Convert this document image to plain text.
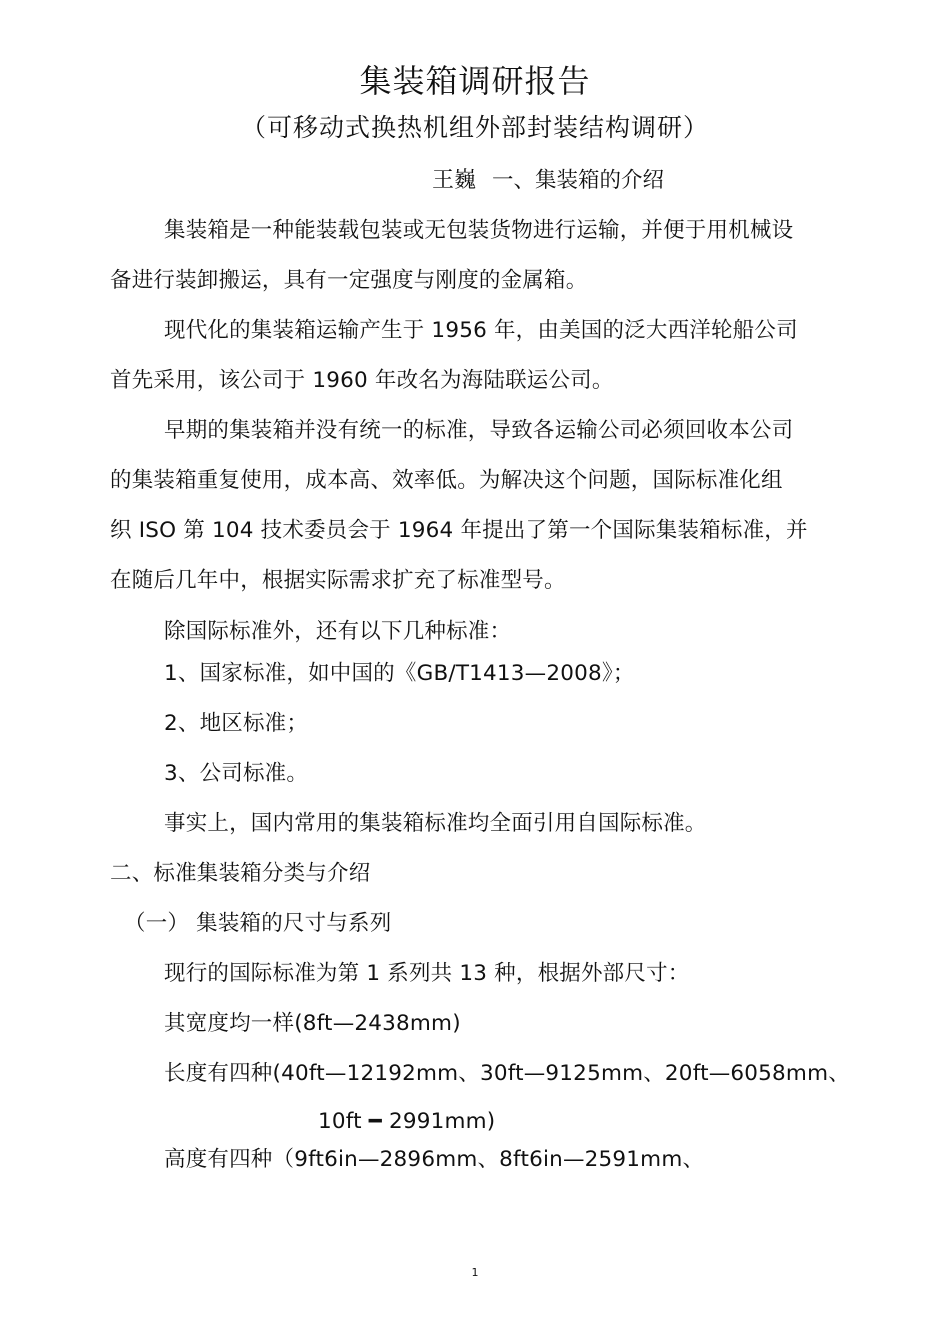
集装箱调研报告
（可移动式换热机组外部封装结构调研）
王巍 一、集装箱的介绍
集装箱是一种能装载包装或无包装货物进行运输，并便于用机械设
备进行装卸搬运，具有一定强度与刚度的金属箱。
现代化的集装箱运输产生于 1956 年，由美国的泛大西洋轮船公司
首先采用，该公司于 1960 年改名为海陆联运公司。
早期的集装箱并没有统一的标准，导致各运输公司必须回收本公司
的集装箱重复使用，成本高、效率低。为解决这个问题，国际标准化组
织 ISO 第 104 技术委员会于 1964 年提出了第一个国际集装箱标准，并
在随后几年中，根据实际需求扩充了标准型号。
除国际标准外，还有以下几种标准：
1、国家标准，如中国的《GB/T1413—2008》；
2、地区标准；
3、公司标准。
事实上，国内常用的集装箱标准均全面引用自国际标准。
二、标准集装箱分类与介绍
（一） 集装箱的尺寸与系列
现行的国际标准为第 1 系列共 13 种，根据外部尺寸：
其宽度均一样(8ft—2438mm)
长度有四种(40ft—12192mm、30ft—9125mm、20ft—6058mm、
10ft ━ 2991mm)
高度有四种（9ft6in—2896mm、8ft6in—2591mm、
1
